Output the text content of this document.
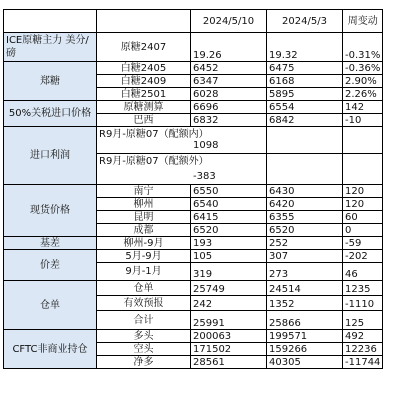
		2024/5/10	2024/5/3	周变动
ICE原糖主力 美分/磅	原糖2407	19.26	19.32	-0.31%
郑糖	白糖2405	6452	6475	-0.36%
	白糖2409	6347	6168	2.90%
	白糖2501	6028	5895	2.26%
50%关税进口价格	原糖测算	6696	6554	142
	巴西	6832	6842	-10
进口利润	R9月-原糖07（配额内）
1098			

	R9月-原糖07（配额外）
-383			

现货价格	南宁	6550	6430	120
	柳州	6540	6420	120
	昆明	6415	6355	60
	成都	6520	6520	0
基差	柳州-9月	193	252	-59
价差	5月-9月	105	307	-202
	9月-1月	319	273	46
仓单	仓单	25749	24514	1235
	有效预报	242	1352	-1110
	合计	25991	25866	125
CFTC非商业持仓	多头	200063	199571	492
	空头	171502	159266	12236
	净多	28561	40305	-11744
